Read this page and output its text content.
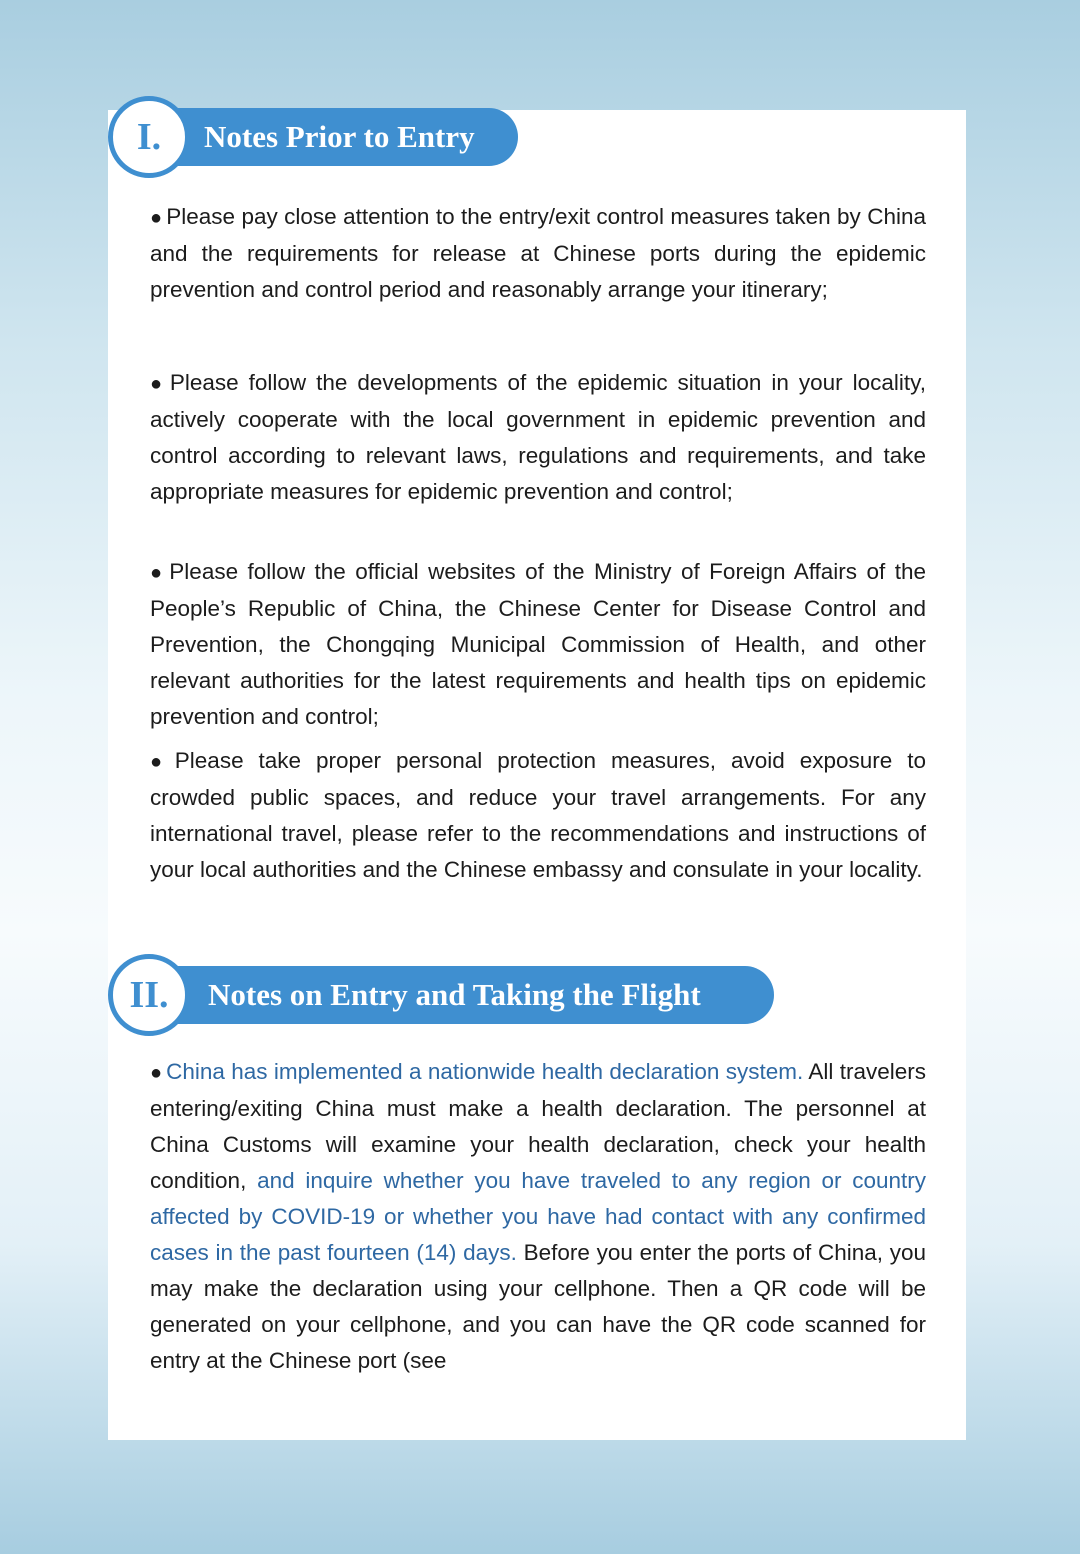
I.	Notes Prior to Entry
● Please pay close attention to the entry/exit control measures taken by China and the requirements for release at Chinese ports during the epidemic prevention and control period and reasonably arrange your itinerary;
● Please follow the developments of the epidemic situation in your locality, actively cooperate with the local government in epidemic prevention and control according to relevant laws, regulations and requirements, and take appropriate measures for epidemic prevention and control;
● Please follow the official websites of the Ministry of Foreign Affairs of the People’s Republic of China, the Chinese Center for Disease Control and Prevention, the Chongqing Municipal Commission of Health, and other relevant authorities for the latest requirements and health tips on epidemic prevention and control;
● Please take proper personal protection measures, avoid exposure to crowded public spaces, and reduce your travel arrangements. For any international travel, please refer to the recommendations and instructions of your local authorities and the Chinese embassy and consulate in your locality.
II.	Notes on Entry and Taking the Flight
● China has implemented a nationwide health declaration system. All travelers entering/exiting China must make a health declaration. The personnel at China Customs will examine your health declaration, check your health condition, and inquire whether you have traveled to any region or country affected by COVID-19 or whether you have had contact with any confirmed cases in the past fourteen (14) days. Before you enter the ports of China, you may make the declaration using your cellphone. Then a QR code will be generated on your cellphone, and you can have the QR code scanned for entry at the Chinese port (see
